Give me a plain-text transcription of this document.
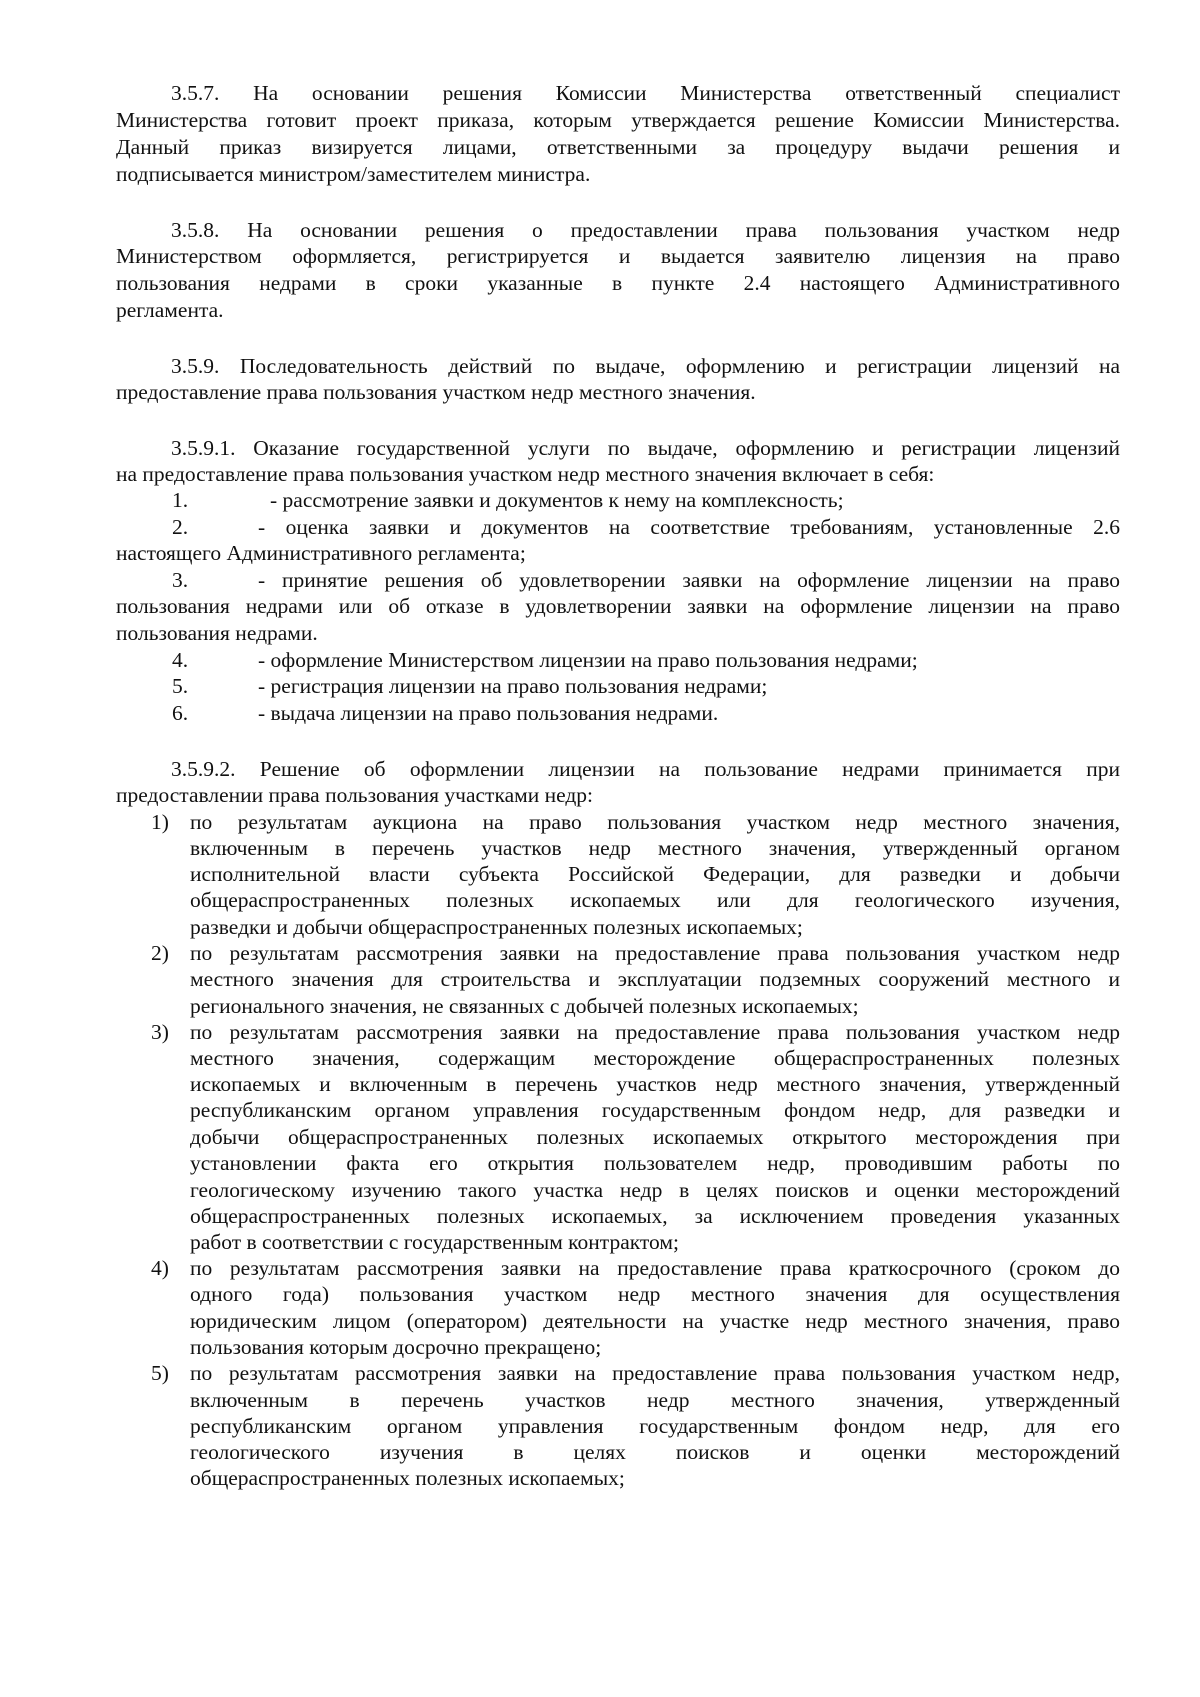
3.5.7. На основании решения Комиссии Министерства ответственный специалист
Министерства готовит проект приказа, которым утверждается решение Комиссии Министерства.
Данный приказ визируется лицами, ответственными за процедуру выдачи решения и
подписывается министром/заместителем министра.
3.5.8. На основании решения о предоставлении права пользования участком недр
Министерством оформляется, регистрируется и выдается заявителю лицензия на право
пользования недрами в сроки указанные в пункте 2.4 настоящего Административного
регламента.
3.5.9. Последовательность действий по выдаче, оформлению и регистрации лицензий на
предоставление права пользования участком недр местного значения.
3.5.9.1. Оказание государственной услуги по выдаче, оформлению и регистрации лицензий
на предоставление права пользования участком недр местного значения включает в себя:
1.	- рассмотрение заявки и документов к нему на комплексность;
2.	- оценка заявки и документов на соответствие требованиям, установленные 2.6
настоящего Административного регламента;
3.	- принятие решения об удовлетворении заявки на оформление лицензии на право
пользования недрами или об отказе в удовлетворении заявки на оформление лицензии на право
пользования недрами.
4.	- оформление Министерством лицензии на право пользования недрами;
5.	- регистрация лицензии на право пользования недрами;
6.	- выдача лицензии на право пользования недрами.
3.5.9.2. Решение об оформлении лицензии на пользование недрами принимается при
предоставлении права пользования участками недр:
1) по результатам аукциона на право пользования участком недр местного значения,
включенным в перечень участков недр местного значения, утвержденный органом
исполнительной власти субъекта Российской Федерации, для разведки и добычи
общераспространенных полезных ископаемых или для геологического изучения,
разведки и добычи общераспространенных полезных ископаемых;
2) по результатам рассмотрения заявки на предоставление права пользования участком недр
местного значения для строительства и эксплуатации подземных сооружений местного и
регионального значения, не связанных с добычей полезных ископаемых;
3) по результатам рассмотрения заявки на предоставление права пользования участком недр
местного значения, содержащим месторождение общераспространенных полезных
ископаемых и включенным в перечень участков недр местного значения, утвержденный
республиканским органом управления государственным фондом недр, для разведки и
добычи общераспространенных полезных ископаемых открытого месторождения при
установлении факта его открытия пользователем недр, проводившим работы по
геологическому изучению такого участка недр в целях поисков и оценки месторождений
общераспространенных полезных ископаемых, за исключением проведения указанных
работ в соответствии с государственным контрактом;
4) по результатам рассмотрения заявки на предоставление права краткосрочного (сроком до
одного года) пользования участком недр местного значения для осуществления
юридическим лицом (оператором) деятельности на участке недр местного значения, право
пользования которым досрочно прекращено;
5) по результатам рассмотрения заявки на предоставление права пользования участком недр,
включенным в перечень участков недр местного значения, утвержденный
республиканским органом управления государственным фондом недр, для его
геологического изучения в целях поисков и оценки месторождений
общераспространенных полезных ископаемых;
